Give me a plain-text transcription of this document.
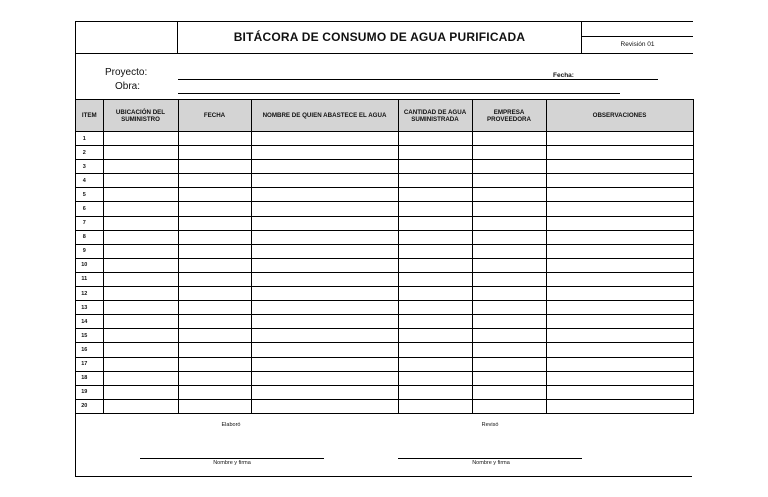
BITÁCORA DE CONSUMO DE AGUA PURIFICADA
Revisión 01
Proyecto:
Obra:
Fecha:
ITEM	UBICACIÓN DEL SUMINISTRO	FECHA	NOMBRE DE QUIEN ABASTECE EL AGUA	CANTIDAD DE AGUA SUMINISTRADA	EMPRESA PROVEEDORA	OBSERVACIONES
1						
2						
3						
4						
5						
6						
7						
8						
9						
10						
11						
12						
13						
14						
15						
16						
17						
18						
19						
20						
Elaboró
Nombre y firma
Revisó
Nombre y firma
